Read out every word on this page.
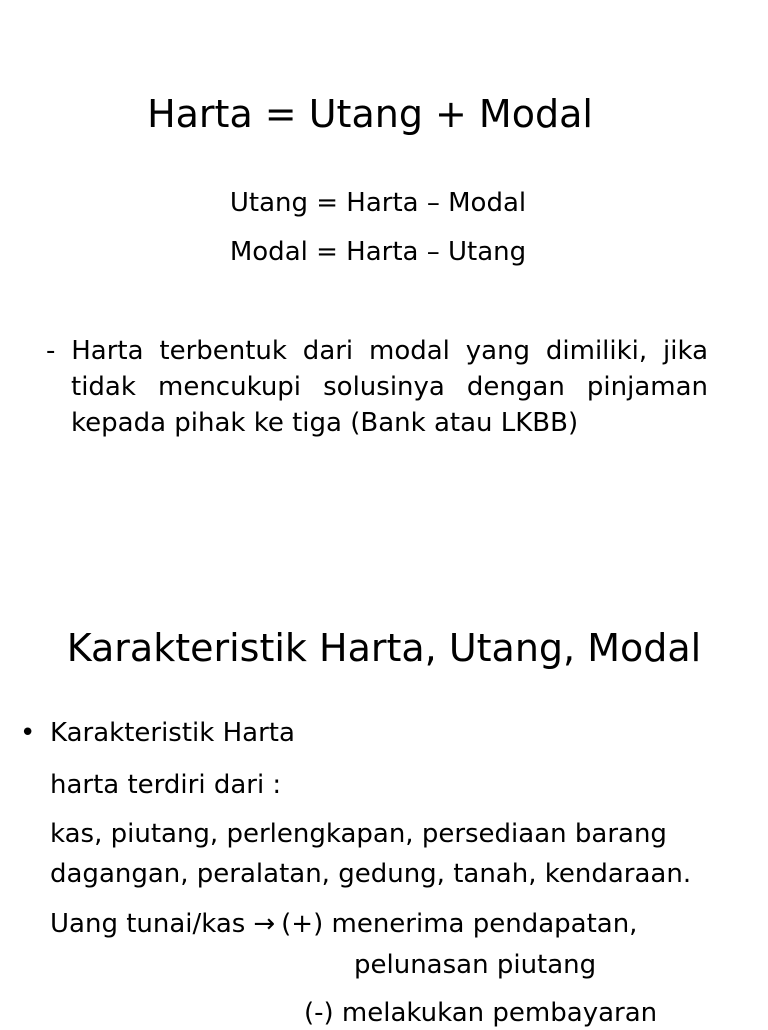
Harta = Utang + Modal
Utang = Harta – Modal
Modal = Harta – Utang
- Harta terbentuk dari modal yang dimiliki, jika
tidak mencukupi solusinya dengan pinjaman
kepada pihak ke tiga (Bank atau LKBB)
Karakteristik Harta, Utang, Modal
• Karakteristik Harta
harta terdiri dari :
kas, piutang, perlengkapan, persediaan barang
dagangan, peralatan, gedung, tanah, kendaraan.
Uang tunai/kas → (+) menerima pendapatan,
pelunasan piutang
(-) melakukan pembayaran
